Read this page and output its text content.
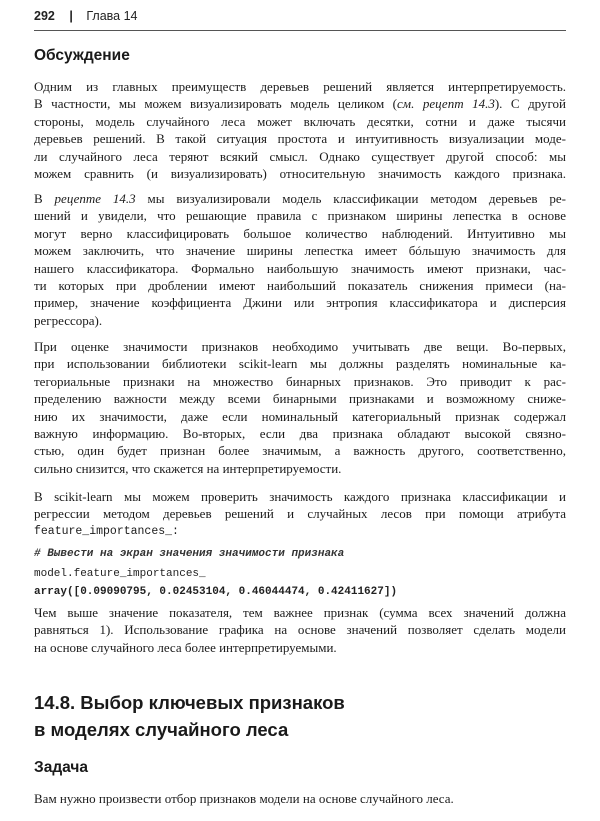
292 | Глава 14
Обсуждение
Одним из главных преимуществ деревьев решений является интерпретируемость.
В частности, мы можем визуализировать модель целиком (см. рецепт 14.3). С другой
стороны, модель случайного леса может включать десятки, сотни и даже тысячи
деревьев решений. В такой ситуация простота и интуитивность визуализации моде-
ли случайного леса теряют всякий смысл. Однако существует другой способ: мы
можем сравнить (и визуализировать) относительную значимость каждого признака.
В рецепте 14.3 мы визуализировали модель классификации методом деревьев ре-
шений и увидели, что решающие правила с признаком ширины лепестка в основе
могут верно классифицировать большое количество наблюдений. Интуитивно мы
можем заключить, что значение ширины лепестка имеет бóльшую значимость для
нашего классификатора. Формально наибольшую значимость имеют признаки, час-
ти которых при дроблении имеют наибольший показатель снижения примеси (на-
пример, значение коэффициента Джини или энтропия классификатора и дисперсия
регрессора).
При оценке значимости признаков необходимо учитывать две вещи. Во-первых,
при использовании библиотеки scikit-learn мы должны разделять номинальные ка-
тегориальные признаки на множество бинарных признаков. Это приводит к рас-
пределению важности между всеми бинарными признаками и возможному сниже-
нию их значимости, даже если номинальный категориальный признак содержал
важную информацию. Во-вторых, если два признака обладают высокой связно-
стью, один будет признан более значимым, а важность другого, соответственно,
сильно снизится, что скажется на интерпретируемости.
В scikit-learn мы можем проверить значимость каждого признака классификации и
регрессии методом деревьев решений и случайных лесов при помощи атрибута
feature_importances_:
# Вывести на экран значения значимости признака
model.feature_importances_
array([0.09090795, 0.02453104, 0.46044474, 0.42411627])
Чем выше значение показателя, тем важнее признак (сумма всех значений должна
равняться 1). Использование графика на основе значений позволяет сделать модели
на основе случайного леса более интерпретируемыми.
14.8. Выбор ключевых признаков
в моделях случайного леса
Задача
Вам нужно произвести отбор признаков модели на основе случайного леса.
